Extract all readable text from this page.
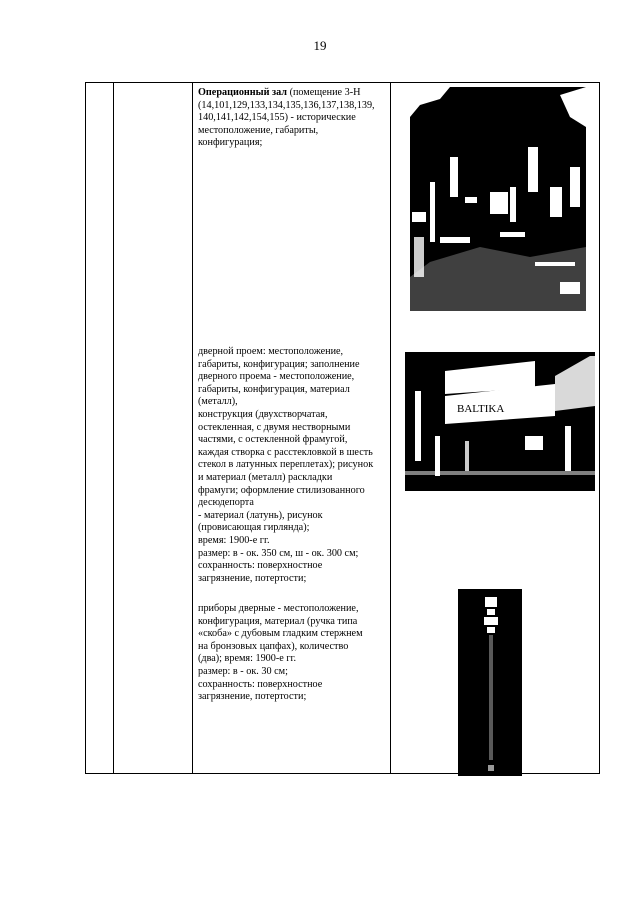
19
Операционный зал (помещение 3-Н
(14,101,129,133,134,135,136,137,138,139,
140,141,142,154,155) - исторические
местоположение, габариты,
конфигурация;
дверной проем: местоположение,
габариты, конфигурация; заполнение
дверного проема - местоположение,
габариты, конфигурация, материал
(металл),
конструкция (двухстворчатая,
остекленная, с двумя нестворными
частями, с остекленной фрамугой,
каждая створка с расстекловкой в шесть
стекол в латунных переплетах); рисунок
и материал (металл) раскладки
фрамуги; оформление стилизованного
десюдепорта
- материал (латунь), рисунок
(провисающая гирлянда);
время: 1900-е гг.
размер: в - ок. 350 см, ш - ок. 300 см;
сохранность: поверхностное
загрязнение, потертости;
BALTIKA
приборы дверные - местоположение,
конфигурация, материал (ручка типа
«скоба» с дубовым гладким стержнем
на бронзовых цапфах), количество
(два); время: 1900-е гг.
размер: в - ок. 30 см;
сохранность: поверхностное
загрязнение, потертости;
